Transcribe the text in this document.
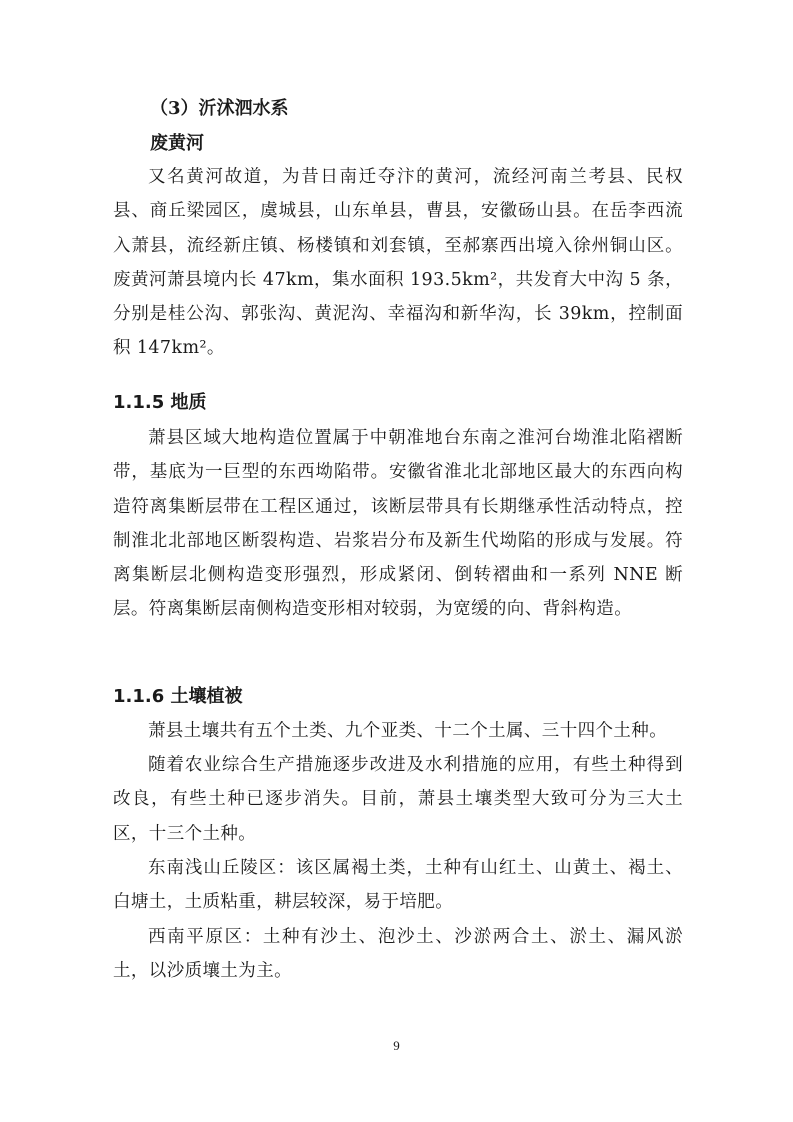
（3）沂沭泗水系
废黄河

又名黄河故道，为昔日南迁夺汴的黄河，流经河南兰考县、民权县、商丘梁园区，虞城县，山东单县，曹县，安徽砀山县。在岳李西流入萧县，流经新庄镇、杨楼镇和刘套镇，至郝寨西出境入徐州铜山区。废黄河萧县境内长 47km，集水面积 193.5km²，共发育大中沟 5 条，分别是桂公沟、郭张沟、黄泥沟、幸福沟和新华沟，长 39km，控制面积 147km²。

1.1.5 地质

萧县区域大地构造位置属于中朝准地台东南之淮河台坳淮北陷褶断带，基底为一巨型的东西坳陷带。安徽省淮北北部地区最大的东西向构造符离集断层带在工程区通过，该断层带具有长期继承性活动特点，控制淮北北部地区断裂构造、岩浆岩分布及新生代坳陷的形成与发展。符离集断层北侧构造变形强烈，形成紧闭、倒转褶曲和一系列 NNE 断层。符离集断层南侧构造变形相对较弱，为宽缓的向、背斜构造。

1.1.6 土壤植被

萧县土壤共有五个土类、九个亚类、十二个土属、三十四个土种。

随着农业综合生产措施逐步改进及水利措施的应用，有些土种得到改良，有些土种已逐步消失。目前，萧县土壤类型大致可分为三大土区，十三个土种。

东南浅山丘陵区：该区属褐土类，土种有山红土、山黄土、褐土、白塘土，土质粘重，耕层较深，易于培肥。

西南平原区：土种有沙土、泡沙土、沙淤两合土、淤土、漏风淤土，以沙质壤土为主。

9
